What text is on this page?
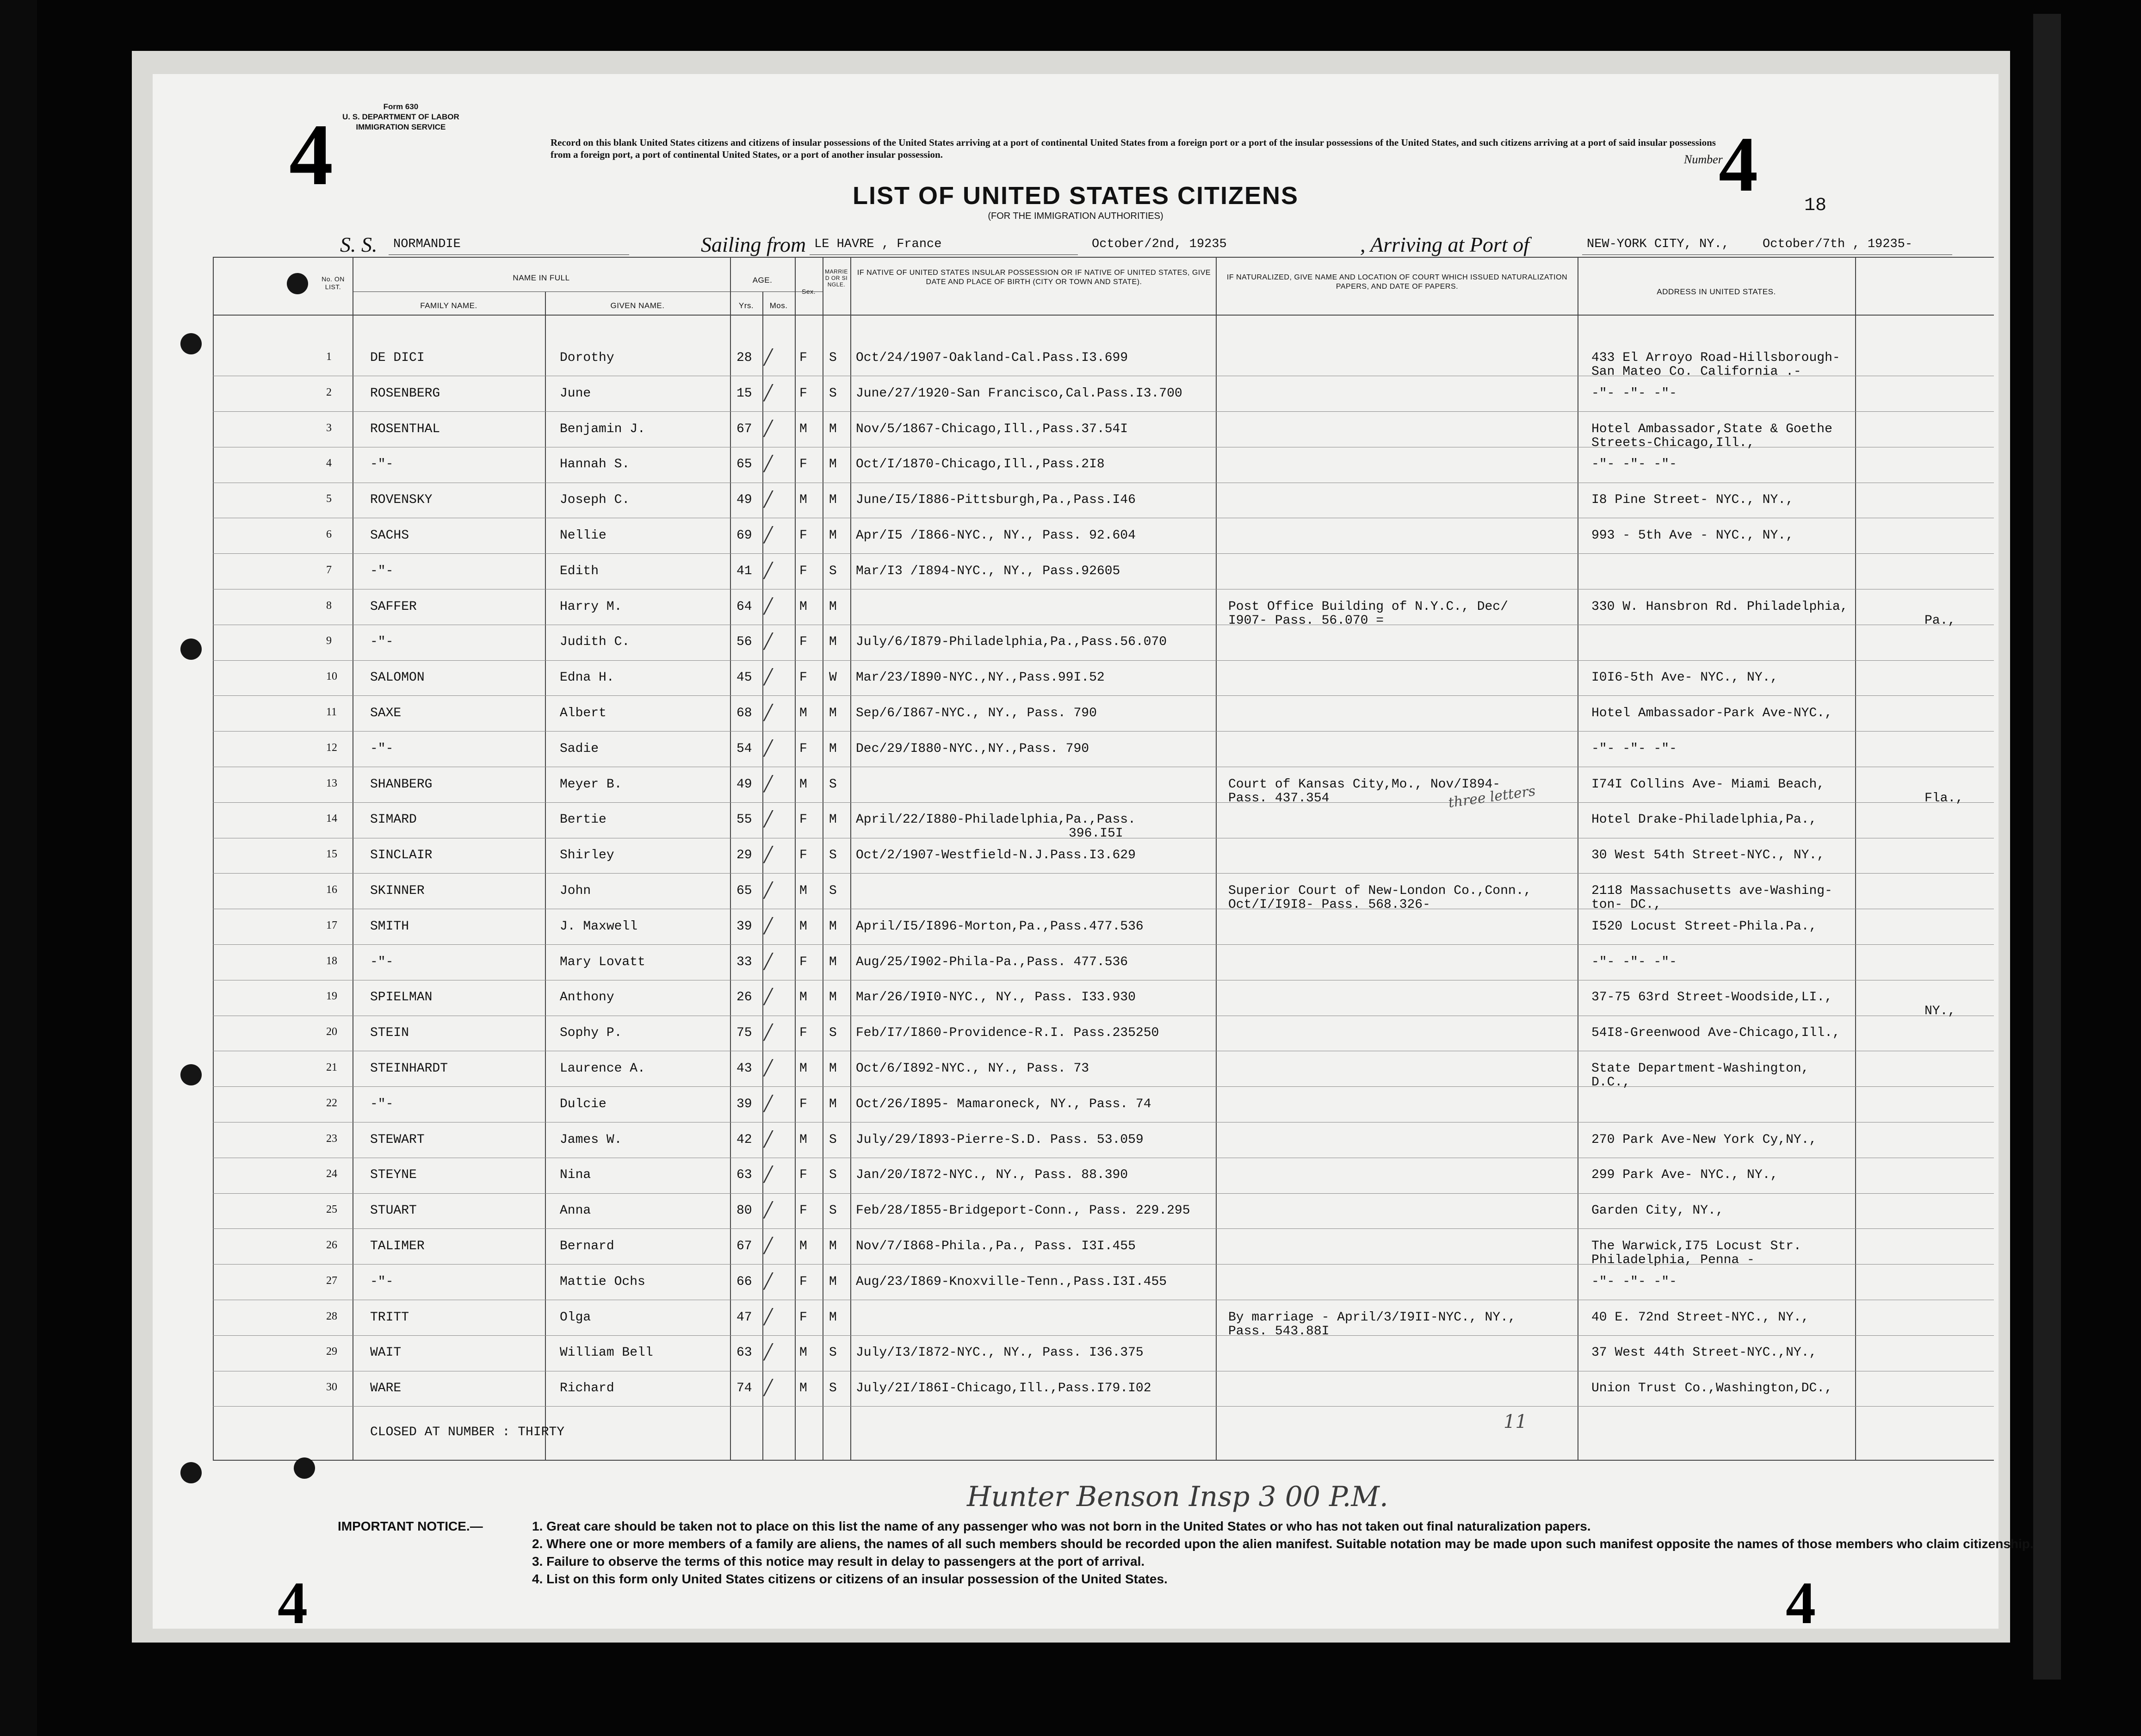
4	Form 630
U. S. DEPARTMENT OF LABOR
IMMIGRATION SERVICE
Record on this blank United States citizens and citizens of insular possessions of the United States arriving at a port of continental United States from a foreign port or a port of the insular possessions of the United States, and such citizens arriving at a port of said insular possessions from a foreign port, a port of continental United States, or a port of another insular possession.	Number
4	18
LIST OF UNITED STATES CITIZENS
(FOR THE IMMIGRATION AUTHORITIES)
S. S. NORMANDIE	Sailing from LE HAVRE , France	October/2nd, 19235	, Arriving at Port of	NEW-YORK CITY, NY.,	October/7th , 19235-
No. ON LIST.
NAME IN FULL
FAMILY NAME.	GIVEN NAME.
AGE.
Yrs.	Mos.
Sex.
MARRIED OR SINGLE.
IF NATIVE OF UNITED STATES INSULAR POSSESSION OR IF NATIVE OF UNITED STATES, GIVE DATE AND PLACE OF BIRTH (CITY OR TOWN AND STATE).
IF NATURALIZED, GIVE NAME AND LOCATION OF COURT WHICH ISSUED NATURALIZATION PAPERS, AND DATE OF PAPERS.
ADDRESS IN UNITED STATES.
1	DE DICI	Dorothy	28	F S Oct/24/1907-Oakland-Cal.Pass.I3.699	433 El Arroyo Road-Hillsborough-
San Mateo Co. California .-
/
2	ROSENBERG	June	15	F S June/27/1920-San Francisco,Cal.Pass.I3.700	-"- -"- -"-
/
3	ROSENTHAL	Benjamin J.	67	M M Nov/5/1867-Chicago,Ill.,Pass.37.54I	Hotel Ambassador,State & Goethe
Streets-Chicago,Ill.,
/
4	-"-	Hannah S.	65	F M Oct/I/1870-Chicago,Ill.,Pass.2I8	-"- -"- -"-
/
5	ROVENSKY	Joseph C.	49	M M June/I5/I886-Pittsburgh,Pa.,Pass.I46	I8 Pine Street- NYC., NY.,
/
6	SACHS	Nellie	69	F M Apr/I5 /I866-NYC., NY., Pass. 92.604	993 - 5th Ave - NYC., NY.,
/
7	-"-	Edith	41	F S Mar/I3 /I894-NYC., NY., Pass.92605
/
8	SAFFER	Harry M.	64	M M	Post Office Building of N.Y.C., Dec/	330 W. Hansbron Rd. Philadelphia,
I907- Pass. 56.070 =	Pa.,
/
9	-"-	Judith C.	56	F M July/6/I879-Philadelphia,Pa.,Pass.56.070
/
10	SALOMON	Edna H.	45	F W Mar/23/I890-NYC.,NY.,Pass.99I.52	I0I6-5th Ave- NYC., NY.,
/
11	SAXE	Albert	68	M M Sep/6/I867-NYC., NY., Pass. 790	Hotel Ambassador-Park Ave-NYC.,
/
12	-"-	Sadie	54	F M Dec/29/I880-NYC.,NY.,Pass. 790	-"- -"- -"-
/
13	SHANBERG	Meyer B.	49	M S	Court of Kansas City,Mo., Nov/I894-	I74I Collins Ave- Miami Beach,
Pass. 437.354	Fla.,
/
14	SIMARD	Bertie	55	F M April/22/I880-Philadelphia,Pa.,Pass.	Hotel Drake-Philadelphia,Pa.,
396.I5I
/
15	SINCLAIR	Shirley	29	F S Oct/2/1907-Westfield-N.J.Pass.I3.629	30 West 54th Street-NYC., NY.,
/
16	SKINNER	John	65	M S	Superior Court of New-London Co.,Conn.,	2118 Massachusetts ave-Washing-
Oct/I/I9I8- Pass. 568.326-	ton- DC.,
/
17	SMITH	J. Maxwell	39	M M April/I5/I896-Morton,Pa.,Pass.477.536	I520 Locust Street-Phila.Pa.,
/
18	-"-	Mary Lovatt	33	F M Aug/25/I902-Phila-Pa.,Pass. 477.536	-"- -"- -"-
/
19	SPIELMAN	Anthony	26	M M Mar/26/I9I0-NYC., NY., Pass. I33.930	37-75 63rd Street-Woodside,LI.,
NY.,
/
20	STEIN	Sophy P.	75	F S Feb/I7/I860-Providence-R.I. Pass.235250	54I8-Greenwood Ave-Chicago,Ill.,
/
21	STEINHARDT	Laurence A.	43	M M Oct/6/I892-NYC., NY., Pass. 73	State Department-Washington,
D.C.,
/
22	-"-	Dulcie	39	F M Oct/26/I895- Mamaroneck, NY., Pass. 74
/
23	STEWART	James W.	42	M S July/29/I893-Pierre-S.D. Pass. 53.059	270 Park Ave-New York Cy,NY.,
/
24	STEYNE	Nina	63	F S Jan/20/I872-NYC., NY., Pass. 88.390	299 Park Ave- NYC., NY.,
/
25	STUART	Anna	80	F S Feb/28/I855-Bridgeport-Conn., Pass. 229.295	Garden City, NY.,
/
26	TALIMER	Bernard	67	M M Nov/7/I868-Phila.,Pa., Pass. I3I.455	The Warwick,I75 Locust Str.
Philadelphia, Penna -
/
27	-"-	Mattie Ochs	66	F M Aug/23/I869-Knoxville-Tenn.,Pass.I3I.455	-"- -"- -"-
/
28	TRITT	Olga	47	F M	By marriage - April/3/I9II-NYC., NY.,	40 E. 72nd Street-NYC., NY.,
Pass. 543.88I
/
29	WAIT	William Bell	63	M S July/I3/I872-NYC., NY., Pass. I36.375	37 West 44th Street-NYC.,NY.,
/
30	WARE	Richard	74	M S July/2I/I86I-Chicago,Ill.,Pass.I79.I02	Union Trust Co.,Washington,DC.,
/
CLOSED AT NUMBER : THIRTY
Hunter Benson Insp 3 00 P.M.
11
three letters
IMPORTANT NOTICE.—	1. Great care should be taken not to place on this list the name of any passenger who was not born in the United States or who has not taken out final naturalization papers.
2. Where one or more members of a family are aliens, the names of all such members should be recorded upon the alien manifest. Suitable notation may be made upon such manifest opposite the names of those members who claim citizenship.
3. Failure to observe the terms of this notice may result in delay to passengers at the port of arrival.
4. List on this form only United States citizens or citizens of an insular possession of the United States.
4	4
